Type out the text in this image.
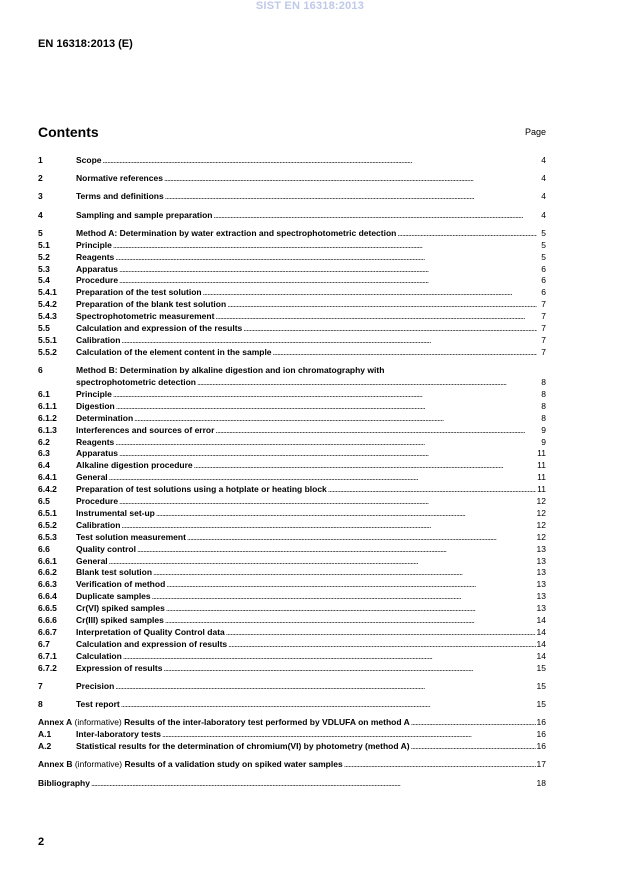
SIST EN 16318:2013
EN 16318:2013 (E)
Contents	Page
1	Scope . . .	4
2	Normative references . . .	4
3	Terms and definitions . . .	4
4	Sampling and sample preparation . . .	4
5	Method A: Determination by water extraction and spectrophotometric detection . . .	5
5.1	Principle . . .	5
5.2	Reagents . . .	5
5.3	Apparatus . . .	6
5.4	Procedure . . .	6
5.4.1	Preparation of the test solution . . .	6
5.4.2	Preparation of the blank test solution . . .	7
5.4.3	Spectrophotometric measurement . . .	7
5.5	Calculation and expression of the results . . .	7
5.5.1	Calibration . . .	7
5.5.2	Calculation of the element content in the sample . . .	7
6	Method B: Determination by alkaline digestion and ion chromatography with
spectrophotometric detection . . .	8
6.1	Principle . . .	8
6.1.1	Digestion . . .	8
6.1.2	Determination . . .	8
6.1.3	Interferences and sources of error . . .	9
6.2	Reagents . . .	9
6.3	Apparatus . . .	11
6.4	Alkaline digestion procedure . . .	11
6.4.1	General . . .	11
6.4.2	Preparation of test solutions using a hotplate or heating block . . .	11
6.5	Procedure . . .	12
6.5.1	Instrumental set-up . . .	12
6.5.2	Calibration . . .	12
6.5.3	Test solution measurement . . .	12
6.6	Quality control . . .	13
6.6.1	General . . .	13
6.6.2	Blank test solution . . .	13
6.6.3	Verification of method . . .	13
6.6.4	Duplicate samples . . .	13
6.6.5	Cr(VI) spiked samples . . .	13
6.6.6	Cr(III) spiked samples . . .	14
6.6.7	Interpretation of Quality Control data . . .	14
6.7	Calculation and expression of results . . .	14
6.7.1	Calculation . . .	14
6.7.2	Expression of results . . .	15
7	Precision . . .	15
8	Test report . . .	15
Annex A (informative) Results of the inter-laboratory test performed by VDLUFA on method A . . .	16
A.1	Inter-laboratory tests . . .	16
A.2	Statistical results for the determination of chromium(VI) by photometry (method A) . . .	16
Annex B (informative) Results of a validation study on spiked water samples . . .	17
Bibliography . . .	18
2
